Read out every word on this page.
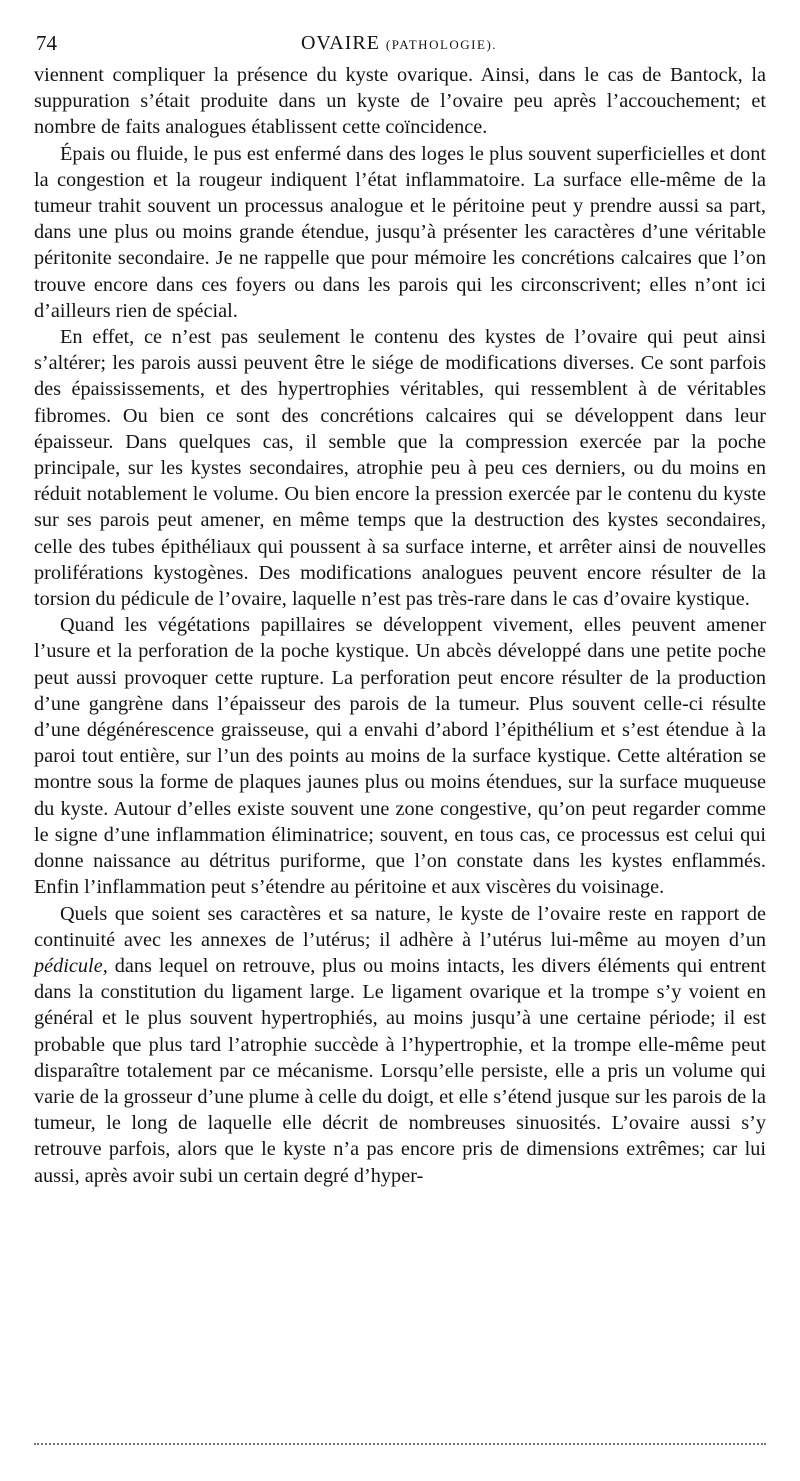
74	OVAIRE (PATHOLOGIE).

viennent compliquer la présence du kyste ovarique. Ainsi, dans le cas de Bantock, la suppuration s’était produite dans un kyste de l’ovaire peu après l’accouchement; et nombre de faits analogues établissent cette coïncidence.

Épais ou fluide, le pus est enfermé dans des loges le plus souvent superficielles et dont la congestion et la rougeur indiquent l’état inflammatoire. La surface elle-même de la tumeur trahit souvent un processus analogue et le péritoine peut y prendre aussi sa part, dans une plus ou moins grande étendue, jusqu’à présenter les caractères d’une véritable péritonite secondaire. Je ne rappelle que pour mémoire les concrétions calcaires que l’on trouve encore dans ces foyers ou dans les parois qui les circonscrivent; elles n’ont ici d’ailleurs rien de spécial.

En effet, ce n’est pas seulement le contenu des kystes de l’ovaire qui peut ainsi s’altérer; les parois aussi peuvent être le siége de modifications diverses. Ce sont parfois des épaississements, et des hypertrophies véritables, qui ressemblent à de véritables fibromes. Ou bien ce sont des concrétions calcaires qui se développent dans leur épaisseur. Dans quelques cas, il semble que la compression exercée par la poche principale, sur les kystes secondaires, atrophie peu à peu ces derniers, ou du moins en réduit notablement le volume. Ou bien encore la pression exercée par le contenu du kyste sur ses parois peut amener, en même temps que la destruction des kystes secondaires, celle des tubes épithéliaux qui poussent à sa surface interne, et arrêter ainsi de nouvelles proliférations kystogènes. Des modifications analogues peuvent encore résulter de la torsion du pédicule de l’ovaire, laquelle n’est pas très-rare dans le cas d’ovaire kystique.

Quand les végétations papillaires se développent vivement, elles peuvent amener l’usure et la perforation de la poche kystique. Un abcès développé dans une petite poche peut aussi provoquer cette rupture. La perforation peut encore résulter de la production d’une gangrène dans l’épaisseur des parois de la tumeur. Plus souvent celle-ci résulte d’une dégénérescence graisseuse, qui a envahi d’abord l’épithélium et s’est étendue à la paroi tout entière, sur l’un des points au moins de la surface kystique. Cette altération se montre sous la forme de plaques jaunes plus ou moins étendues, sur la surface muqueuse du kyste. Autour d’elles existe souvent une zone congestive, qu’on peut regarder comme le signe d’une inflammation éliminatrice; souvent, en tous cas, ce processus est celui qui donne naissance au détritus puriforme, que l’on constate dans les kystes enflammés. Enfin l’inflammation peut s’étendre au péritoine et aux viscères du voisinage.

Quels que soient ses caractères et sa nature, le kyste de l’ovaire reste en rapport de continuité avec les annexes de l’utérus; il adhère à l’utérus lui-même au moyen d’un pédicule, dans lequel on retrouve, plus ou moins intacts, les divers éléments qui entrent dans la constitution du ligament large. Le ligament ovarique et la trompe s’y voient en général et le plus souvent hypertrophiés, au moins jusqu’à une certaine période; il est probable que plus tard l’atrophie succède à l’hypertrophie, et la trompe elle-même peut disparaître totalement par ce mécanisme. Lorsqu’elle persiste, elle a pris un volume qui varie de la grosseur d’une plume à celle du doigt, et elle s’étend jusque sur les parois de la tumeur, le long de laquelle elle décrit de nombreuses sinuosités. L’ovaire aussi s’y retrouve parfois, alors que le kyste n’a pas encore pris de dimensions extrêmes; car lui aussi, après avoir subi un certain degré d’hyper-
